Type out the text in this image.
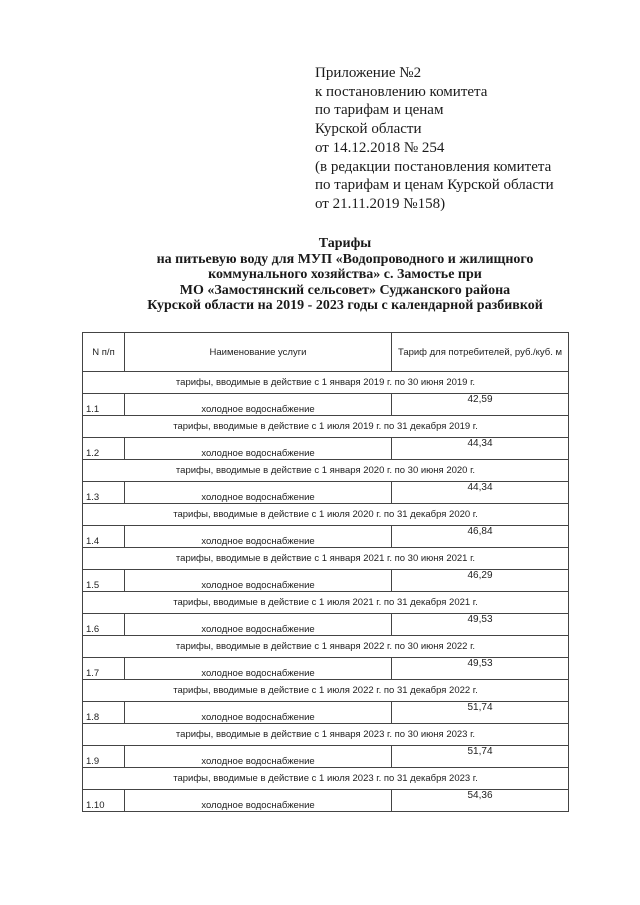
Приложение №2
к постановлению комитета
по тарифам и ценам
Курской области
от 14.12.2018 № 254
(в редакции постановления комитета
по тарифам и ценам Курской области
от 21.11.2019 №158)
Тарифы
на питьевую воду для МУП «Водопроводного и жилищного
коммунального хозяйства» с. Замостье при
МО «Замостянский сельсовет» Суджанского района
Курской области на 2019 - 2023 годы с календарной разбивкой
N п/п	Наименование услуги	Тариф для потребителей, руб./куб. м
тарифы, вводимые в действие с 1 января 2019 г. по 30 июня 2019 г.		
1.1	холодное водоснабжение	42,59
тарифы, вводимые в действие с 1 июля 2019 г. по 31 декабря 2019 г.		
1.2	холодное водоснабжение	44,34
тарифы, вводимые в действие с 1 января 2020 г. по 30 июня 2020 г.		
1.3	холодное водоснабжение	44,34
тарифы, вводимые в действие с 1 июля 2020 г. по 31 декабря 2020 г.		
1.4	холодное водоснабжение	46,84
тарифы, вводимые в действие с 1 января 2021 г. по 30 июня 2021 г.		
1.5	холодное водоснабжение	46,29
тарифы, вводимые в действие с 1 июля 2021 г. по 31 декабря 2021 г.		
1.6	холодное водоснабжение	49,53
тарифы, вводимые в действие с 1 января 2022 г. по 30 июня 2022 г.		
1.7	холодное водоснабжение	49,53
тарифы, вводимые в действие с 1 июля 2022 г. по 31 декабря 2022 г.		
1.8	холодное водоснабжение	51,74
тарифы, вводимые в действие с 1 января 2023 г. по 30 июня 2023 г.		
1.9	холодное водоснабжение	51,74
тарифы, вводимые в действие с 1 июля 2023 г. по 31 декабря 2023 г.		
1.10	холодное водоснабжение	54,36
